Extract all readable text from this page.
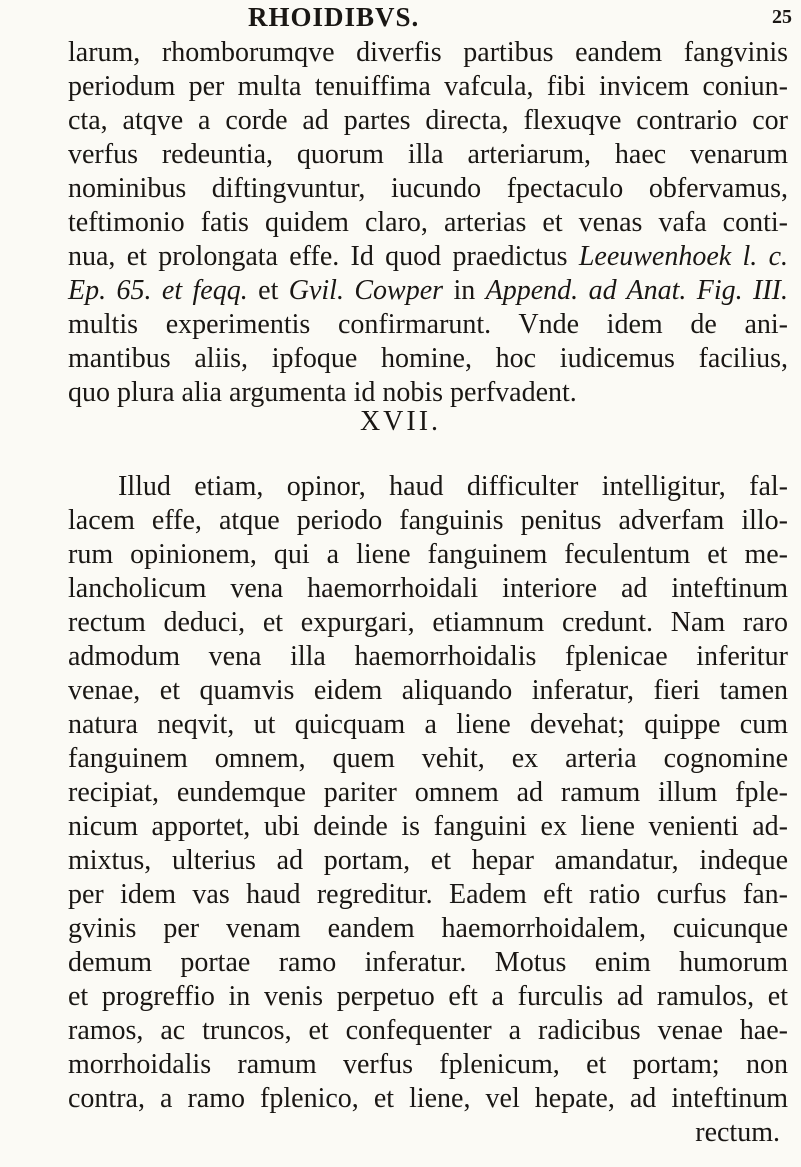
RHOIDIBVS.	25
larum, rhomborumqve diverfis partibus eandem fangvinis
periodum per multa tenuiffima vafcula, fibi invicem coniun-
cta, atqve a corde ad partes directa, flexuqve contrario cor
verfus redeuntia, quorum illa arteriarum, haec venarum
nominibus diftingvuntur, iucundo fpectaculo obfervamus,
teftimonio fatis quidem claro, arterias et venas vafa conti-
nua, et prolongata effe. Id quod praedictus Leeuwenhoek l. c.
Ep. 65. et feqq. et Gvil. Cowper in Append. ad Anat. Fig. III.
multis experimentis confirmarunt. Vnde idem de ani-
mantibus aliis, ipfoque homine, hoc iudicemus facilius,
quo plura alia argumenta id nobis perfvadent.
XVII.
Illud etiam, opinor, haud difficulter intelligitur, fal-
lacem effe, atque periodo fanguinis penitus adverfam illo-
rum opinionem, qui a liene fanguinem feculentum et me-
lancholicum vena haemorrhoidali interiore ad inteftinum
rectum deduci, et expurgari, etiamnum credunt. Nam raro
admodum vena illa haemorrhoidalis fplenicae inferitur
venae, et quamvis eidem aliquando inferatur, fieri tamen
natura neqvit, ut quicquam a liene devehat; quippe cum
fanguinem omnem, quem vehit, ex arteria cognomine
recipiat, eundemque pariter omnem ad ramum illum fple-
nicum apportet, ubi deinde is fanguini ex liene venienti ad-
mixtus, ulterius ad portam, et hepar amandatur, indeque
per idem vas haud regreditur. Eadem eft ratio curfus fan-
gvinis per venam eandem haemorrhoidalem, cuicunque
demum portae ramo inferatur. Motus enim humorum
et progreffio in venis perpetuo eft a furculis ad ramulos, et
ramos, ac truncos, et confequenter a radicibus venae hae-
morrhoidalis ramum verfus fplenicum, et portam; non
contra, a ramo fplenico, et liene, vel hepate, ad inteftinum
rectum.
